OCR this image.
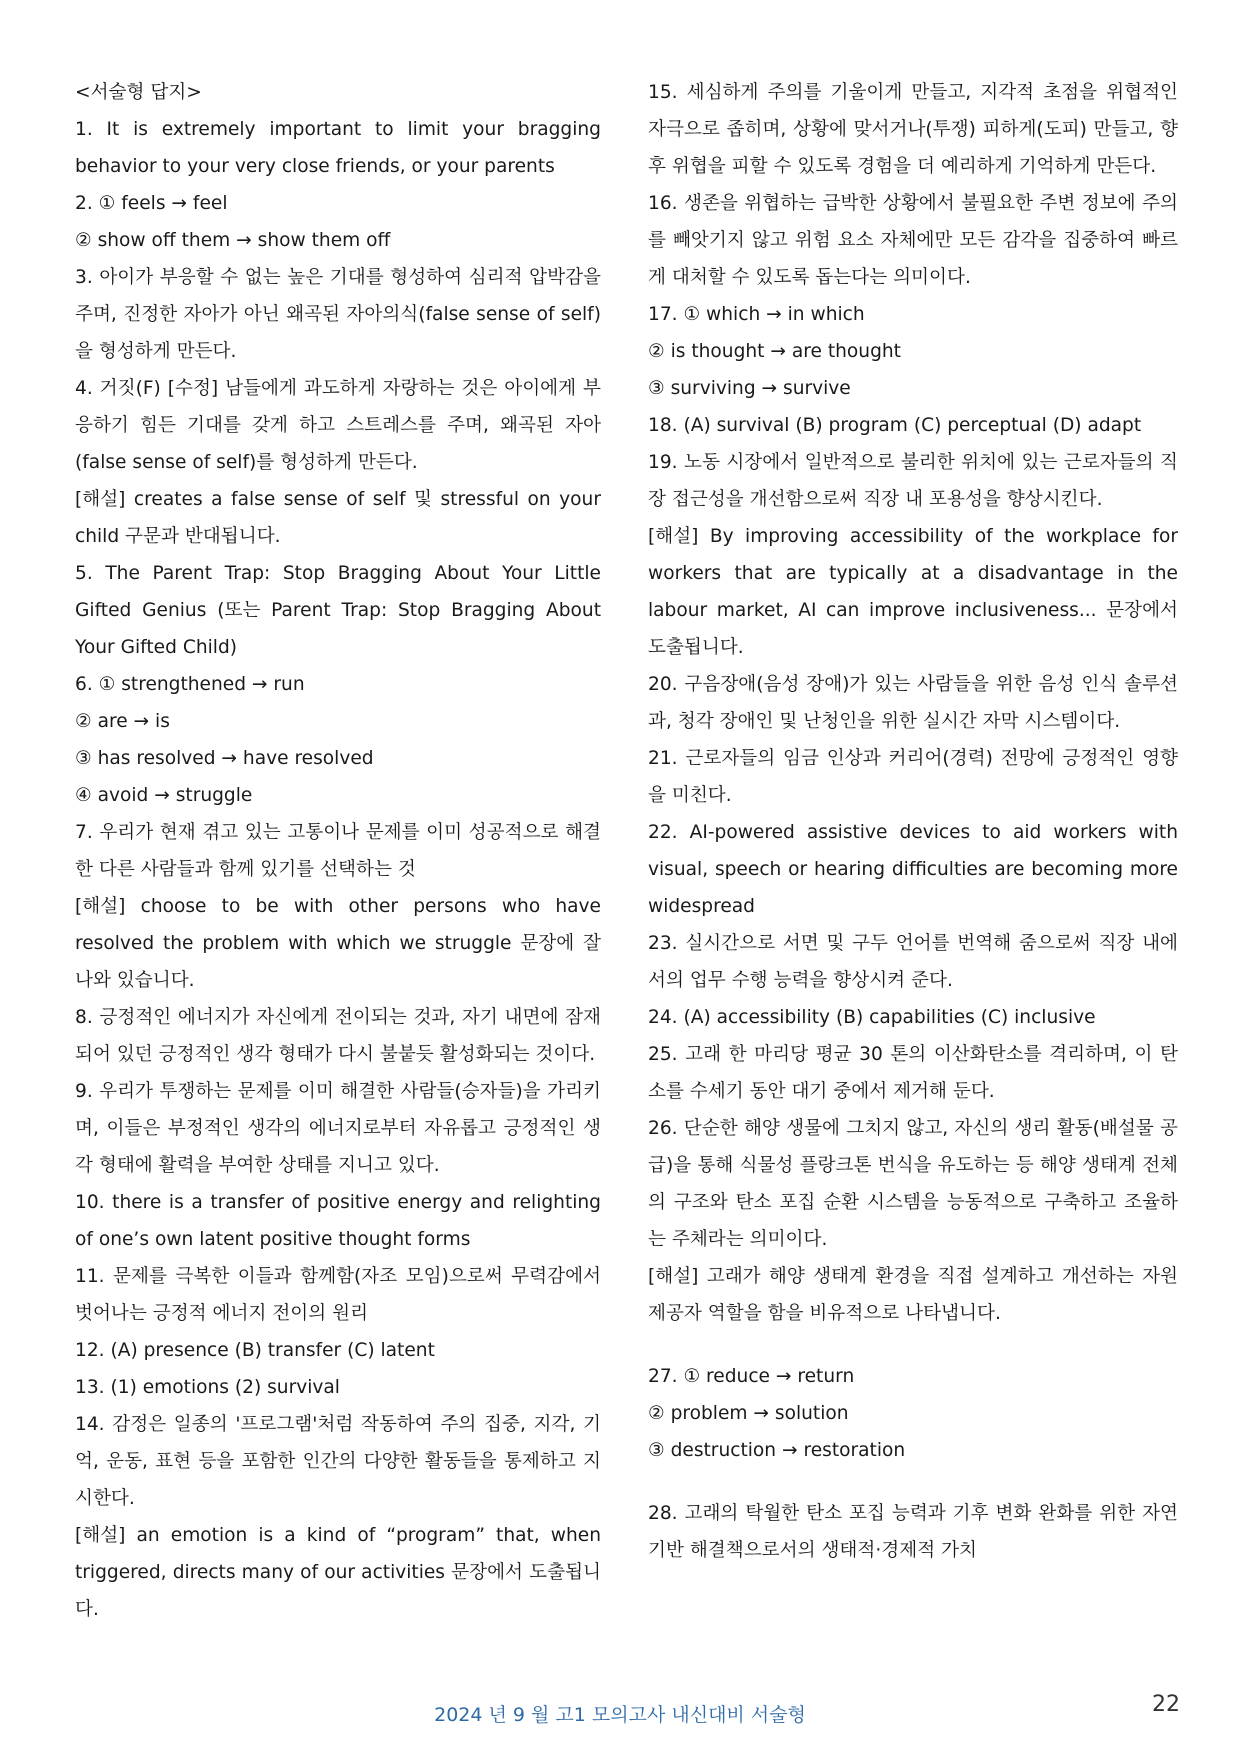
<서술형 답지>

1. It is extremely important to limit your bragging behavior to your very close friends, or your parents

2. ① feels → feel

② show off them → show them off

3. 아이가 부응할 수 없는 높은 기대를 형성하여 심리적 압박감을 주며, 진정한 자아가 아닌 왜곡된 자아의식(false sense of self)을 형성하게 만든다.

4. 거짓(F) [수정] 남들에게 과도하게 자랑하는 것은 아이에게 부응하기 힘든 기대를 갖게 하고 스트레스를 주며, 왜곡된 자아(false sense of self)를 형성하게 만든다.

[해설] creates a false sense of self 및 stressful on your child 구문과 반대됩니다.

5. The Parent Trap: Stop Bragging About Your Little Gifted Genius (또는 Parent Trap: Stop Bragging About Your Gifted Child)

6. ① strengthened → run

② are → is

③ has resolved → have resolved

④ avoid → struggle

7. 우리가 현재 겪고 있는 고통이나 문제를 이미 성공적으로 해결한 다른 사람들과 함께 있기를 선택하는 것

[해설] choose to be with other persons who have resolved the problem with which we struggle 문장에 잘 나와 있습니다.

8. 긍정적인 에너지가 자신에게 전이되는 것과, 자기 내면에 잠재되어 있던 긍정적인 생각 형태가 다시 불붙듯 활성화되는 것이다.

9. 우리가 투쟁하는 문제를 이미 해결한 사람들(승자들)을 가리키며, 이들은 부정적인 생각의 에너지로부터 자유롭고 긍정적인 생각 형태에 활력을 부여한 상태를 지니고 있다.

10. there is a transfer of positive energy and relighting of one’s own latent positive thought forms

11. 문제를 극복한 이들과 함께함(자조 모임)으로써 무력감에서 벗어나는 긍정적 에너지 전이의 원리

12. (A) presence (B) transfer (C) latent

13. (1) emotions (2) survival

14. 감정은 일종의 '프로그램'처럼 작동하여 주의 집중, 지각, 기억, 운동, 표현 등을 포함한 인간의 다양한 활동들을 통제하고 지시한다.

[해설] an emotion is a kind of “program” that, when triggered, directs many of our activities 문장에서 도출됩니다.

15. 세심하게 주의를 기울이게 만들고, 지각적 초점을 위협적인 자극으로 좁히며, 상황에 맞서거나(투쟁) 피하게(도피) 만들고, 향후 위협을 피할 수 있도록 경험을 더 예리하게 기억하게 만든다.

16. 생존을 위협하는 급박한 상황에서 불필요한 주변 정보에 주의를 빼앗기지 않고 위험 요소 자체에만 모든 감각을 집중하여 빠르게 대처할 수 있도록 돕는다는 의미이다.

17. ① which → in which

② is thought → are thought

③ surviving → survive

18. (A) survival (B) program (C) perceptual (D) adapt

19. 노동 시장에서 일반적으로 불리한 위치에 있는 근로자들의 직장 접근성을 개선함으로써 직장 내 포용성을 향상시킨다.

[해설] By improving accessibility of the workplace for workers that are typically at a disadvantage in the labour market, AI can improve inclusiveness... 문장에서 도출됩니다.

20. 구음장애(음성 장애)가 있는 사람들을 위한 음성 인식 솔루션과, 청각 장애인 및 난청인을 위한 실시간 자막 시스템이다.

21. 근로자들의 임금 인상과 커리어(경력) 전망에 긍정적인 영향을 미친다.

22. AI-powered assistive devices to aid workers with visual, speech or hearing difficulties are becoming more widespread

23. 실시간으로 서면 및 구두 언어를 번역해 줌으로써 직장 내에서의 업무 수행 능력을 향상시켜 준다.

24. (A) accessibility (B) capabilities (C) inclusive

25. 고래 한 마리당 평균 30 톤의 이산화탄소를 격리하며, 이 탄소를 수세기 동안 대기 중에서 제거해 둔다.

26. 단순한 해양 생물에 그치지 않고, 자신의 생리 활동(배설물 공급)을 통해 식물성 플랑크톤 번식을 유도하는 등 해양 생태계 전체의 구조와 탄소 포집 순환 시스템을 능동적으로 구축하고 조율하는 주체라는 의미이다.

[해설] 고래가 해양 생태계 환경을 직접 설계하고 개선하는 자원 제공자 역할을 함을 비유적으로 나타냅니다.

27. ① reduce → return

② problem → solution

③ destruction → restoration

28. 고래의 탁월한 탄소 포집 능력과 기후 변화 완화를 위한 자연 기반 해결책으로서의 생태적·경제적 가치

2024 년 9 월 고1 모의고사 내신대비 서술형	22
